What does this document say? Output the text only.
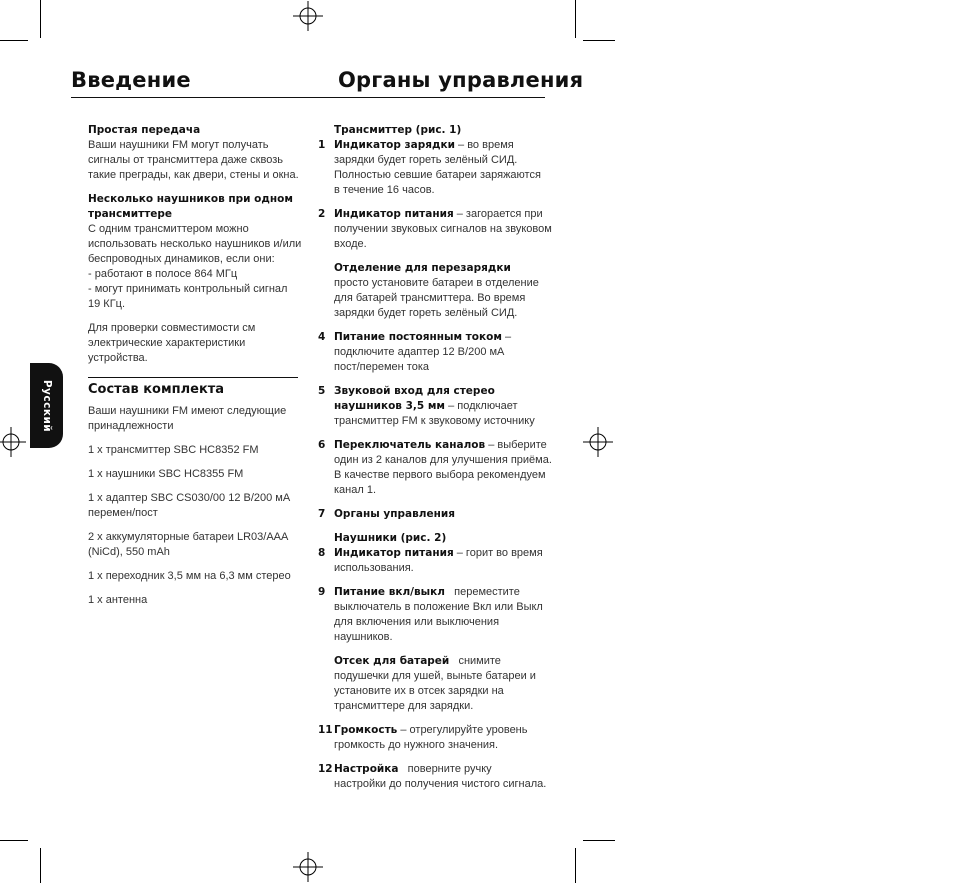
Введение	Органы управления
Русский

Простая передача

Ваши наушники FM могут получать

сигналы от трансмиттера даже сквозь

такие преграды, как двери, стены и окна.

Несколько наушников при одном

трансмиттере

С одним трансмиттером можно

использовать несколько наушников и/или

беспроводных динамиков, если они:

- работают в полосе 864 МГц

- могут принимать контрольный сигнал

19 КГц.

Для проверки совместимости см

электрические характеристики

устройства.

Состав комплекта

Ваши наушники FM имеют следующие

принадлежности

1 x трансмиттер SBC HC8352 FM

1 x наушники SBC HC8355 FM

1 x адаптер SBC CS030/00 12 В/200 мА

перемен/пост

2 x аккумуляторные батареи LR03/AAA

(NiCd), 550 mAh

1 x переходник 3,5 мм на 6,3 мм стерео

1 x антенна

Трансмиттер (рис. 1)

1 Индикатор зарядки – во время

зарядки будет гореть зелёный СИД.

Полностью севшие батареи заряжаются

в течение 16 часов.

2 Индикатор питания – загорается при

получении звуковых сигналов на звуковом

входе.

Отделение для перезарядки

просто установите батареи в отделение

для батарей трансмиттера. Во время

зарядки будет гореть зелёный СИД.

4 Питание постоянным током –

подключите адаптер 12 В/200 мА

пост/перемен тока

5 Звуковой вход для стерео

наушников 3,5 мм – подключает

трансмиттер FM к звуковому источнику

6 Переключатель каналов – выберите

один из 2 каналов для улучшения приёма.

В качестве первого выбора рекомендуем

канал 1.

7 Органы управления

Наушники (рис. 2)

8 Индикатор питания – горит во время

использования.

9 Питание вкл/выкл   переместите

выключатель в положение Вкл или Выкл

для включения или выключения

наушников.

Отсек для батарей   снимите

подушечки для ушей, выньте батареи и

установите их в отсек зарядки на

трансмиттере для зарядки.

11 Громкость – отрегулируйте уровень

громкость до нужного значения.

12 Настройка   поверните ручку

настройки до получения чистого сигнала.
